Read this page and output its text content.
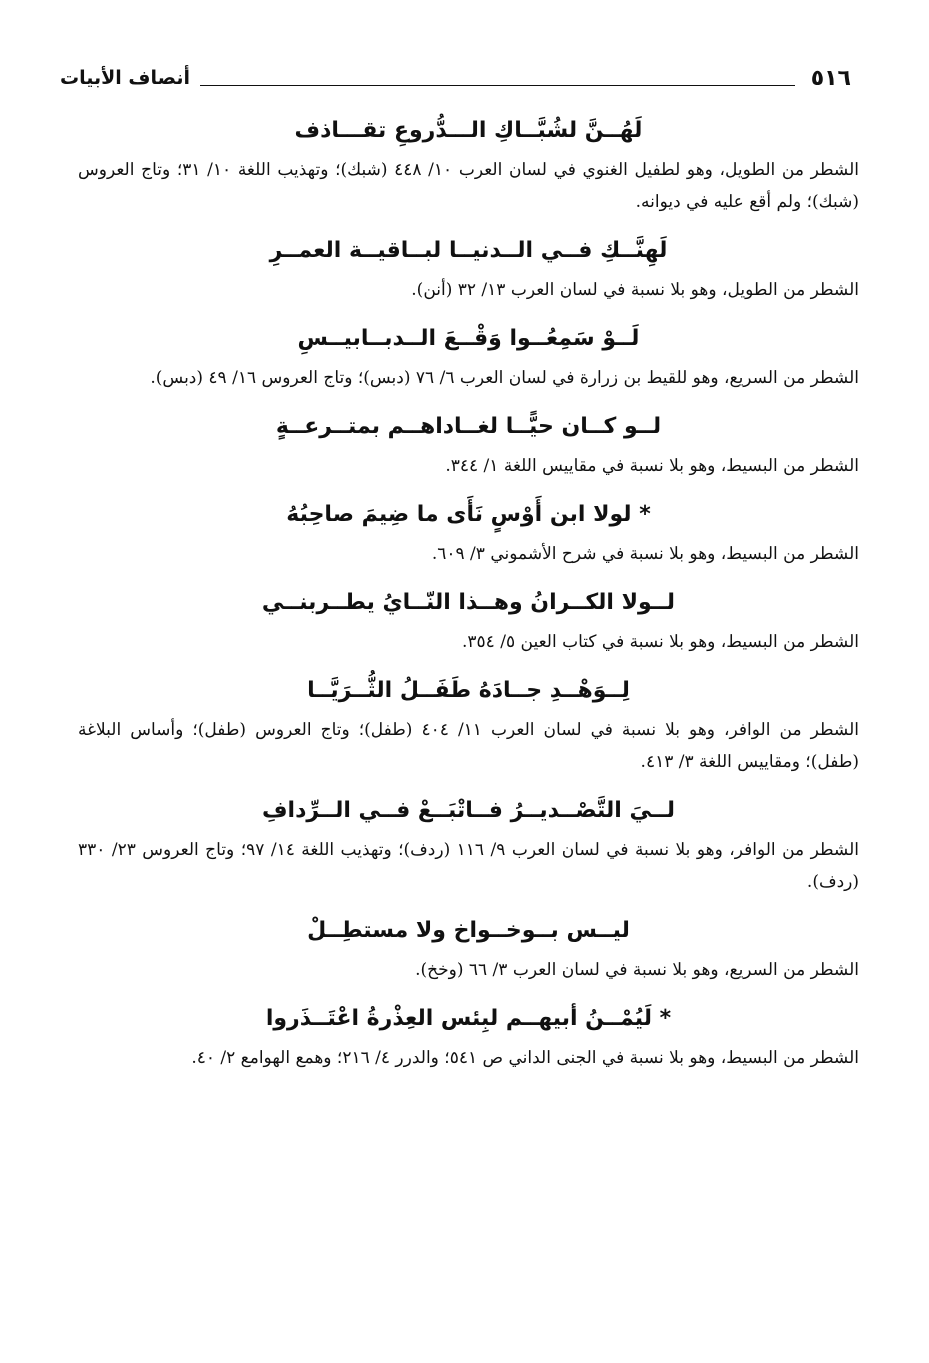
٥١٦
أنصاف الأبيات
لَهُــنَّ لشُبَّــاكِ الـــدُّروعِ تقـــاذف
الشطر من الطويل، وهو لطفيل الغنوي في لسان العرب ١٠/ ٤٤٨ (شبك)؛ وتهذيب اللغة ١٠/ ٣١؛ وتاج العروس (شبك)؛ ولم أقع عليه في ديوانه.
لَهِنَّــكِ فــي الــدنيــا لبــاقيــة العمــرِ
الشطر من الطويل، وهو بلا نسبة في لسان العرب ١٣/ ٣٢ (أنن).
لَــوْ سَمِعُــوا وَقْــعَ الــدبــابيــسِ
الشطر من السريع، وهو للقيط بن زرارة في لسان العرب ٦/ ٧٦ (دبس)؛ وتاج العروس ١٦/ ٤٩ (دبس).
لــو كــان حيًّــا لغــاداهــم بمتــرعــةٍ
الشطر من البسيط، وهو بلا نسبة في مقاييس اللغة ١/ ٣٤٤.
* لولا ابن أَوْسٍ نَأَى ما ضِيمَ صاحِبُهُ
الشطر من البسيط، وهو بلا نسبة في شرح الأشموني ٣/ ٦٠٩.
لــولا الكــرانُ وهــذا النّــايُ يطــربنــي
الشطر من البسيط، وهو بلا نسبة في كتاب العين ٥/ ٣٥٤.
لِــوَهْــدِ جــادَهُ طَفَــلُ الثُّــرَيَّــا
الشطر من الوافر، وهو بلا نسبة في لسان العرب ١١/ ٤٠٤ (طفل)؛ وتاج العروس (طفل)؛ وأساس البلاغة (طفل)؛ ومقاييس اللغة ٣/ ٤١٣.
لــيَ التَّصْــديــرُ فــاتْبَــعْ فــي الــرِّدافِ
الشطر من الوافر، وهو بلا نسبة في لسان العرب ٩/ ١١٦ (ردف)؛ وتهذيب اللغة ١٤/ ٩٧؛ وتاج العروس ٢٣/ ٣٣٠ (ردف).
ليــس بــوخــواخ ولا مستطِــلْ
الشطر من السريع، وهو بلا نسبة في لسان العرب ٣/ ٦٦ (وخخ).
* لَيُمْــنُ أبيهــم لبِئس العِذْرةُ اعْتَــذَروا
الشطر من البسيط، وهو بلا نسبة في الجنى الداني ص ٥٤١؛ والدرر ٤/ ٢١٦؛ وهمع الهوامع ٢/ ٤٠.
